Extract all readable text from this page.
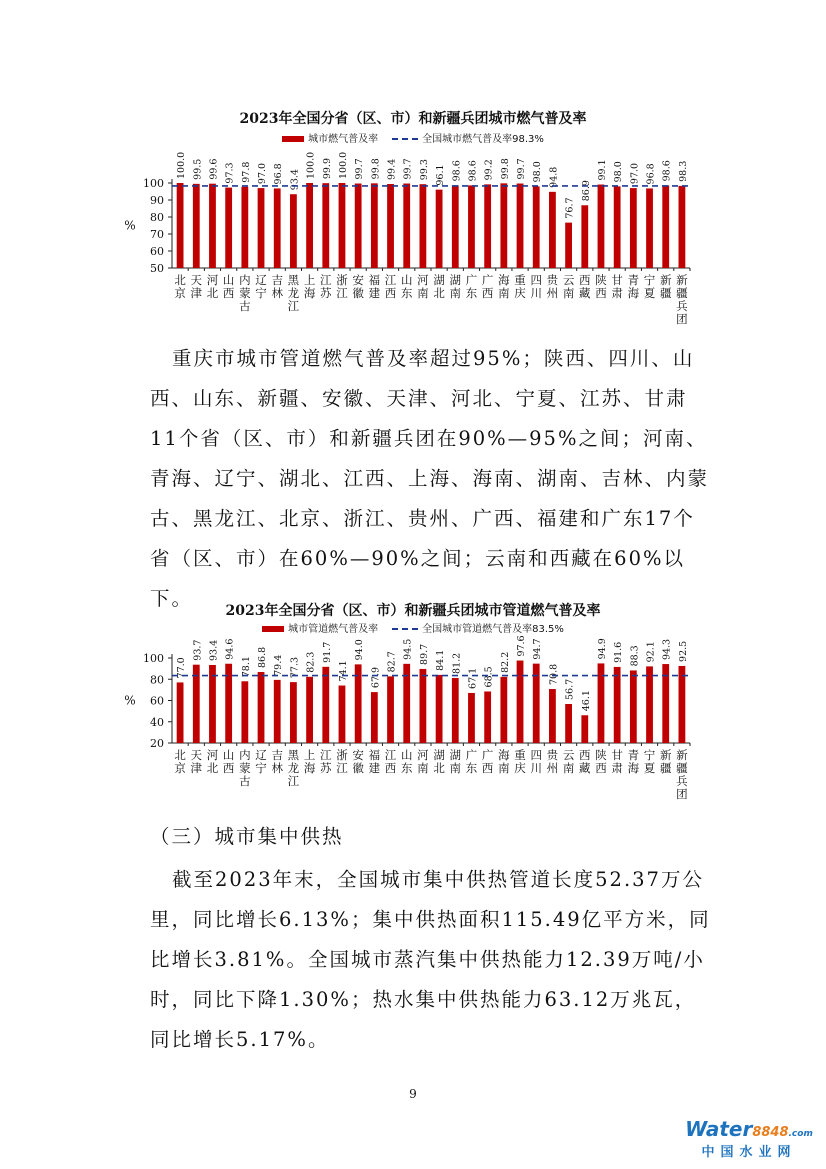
2023年全国分省（区、市）和新疆兵团城市燃气普及率
城市燃气普及率	全国城市燃气普及率98.3%
50
60
70
80
90
100
%
100.0
北京
99.5
天津
99.6
河北
97.3
山西
97.8
内蒙古
97.0
辽宁
96.8
吉林
93.4
黑龙江
100.0
上海
99.9
江苏
100.0
浙江
99.7
安徽
99.8
福建
99.4
江西
99.7
山东
99.3
河南
96.1
湖北
98.6
湖南
98.6
广东
99.2
广西
99.8
海南
99.7
重庆
98.0
四川
94.8
贵州
76.7
云南
86.9
西藏
99.1
陕西
98.0
甘肃
97.0
青海
96.8
宁夏
98.6
新疆
98.3
新疆兵团
重庆市城市管道燃气普及率超过95%；陕西、四川、山西、山东、新疆、安徽、天津、河北、宁夏、江苏、甘肃11个省（区、市）和新疆兵团在90%—95%之间；河南、青海、辽宁、湖北、江西、上海、海南、湖南、吉林、内蒙古、黑龙江、北京、浙江、贵州、广西、福建和广东17个省（区、市）在60%—90%之间；云南和西藏在60%以下。
2023年全国分省（区、市）和新疆兵团城市管道燃气普及率
城市管道燃气普及率	全国城市管道燃气普及率83.5%
20
40
60
80
100
%
77.0
北京
93.7
天津
93.4
河北
94.6
山西
78.1
内蒙古
86.8
辽宁
79.4
吉林
77.3
黑龙江
82.3
上海
91.7
江苏
74.1
浙江
94.0
安徽
67.9
福建
82.7
江西
94.5
山东
89.7
河南
84.1
湖北
81.2
湖南
67.1
广东
68.5
广西
82.2
海南
97.6
重庆
94.7
四川
70.8
贵州
56.7
云南
46.1
西藏
94.9
陕西
91.6
甘肃
88.3
青海
92.1
宁夏
94.3
新疆
92.5
新疆兵团
（三）城市集中供热
截至2023年末，全国城市集中供热管道长度52.37万公里，同比增长6.13%；集中供热面积115.49亿平方米，同比增长3.81%。全国城市蒸汽集中供热能力12.39万吨/小时，同比下降1.30%；热水集中供热能力63.12万兆瓦，同比增长5.17%。
9
Water8848.com
中国水业网
